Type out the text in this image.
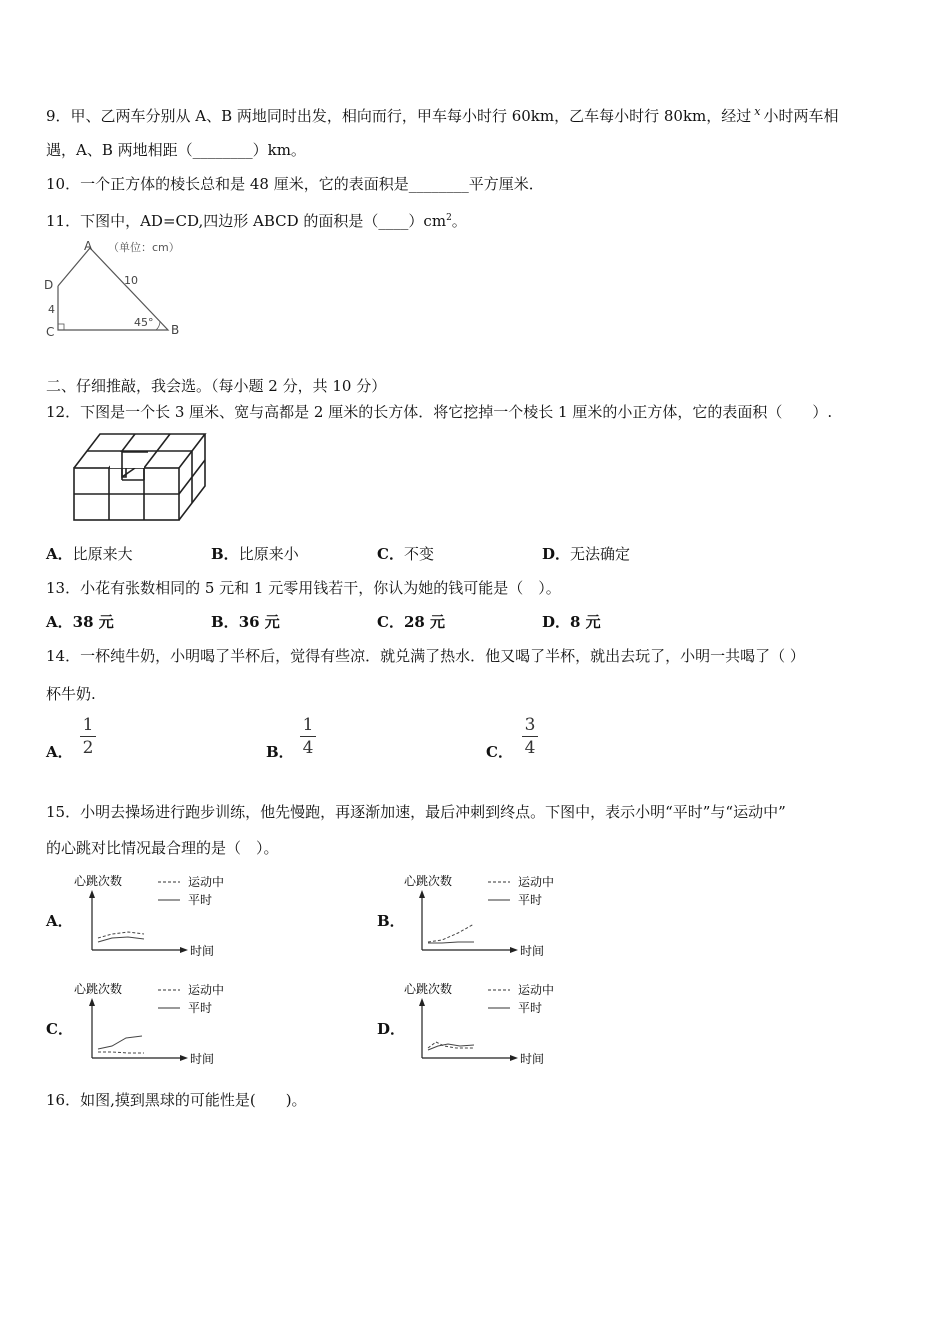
9．甲、乙两车分别从 A、B 两地同时出发，相向而行，甲车每小时行 60km，乙车每小时行 80km，经过 $^x$ 小时两车相
遇，A、B 两地相距（________）km。
10．一个正方体的棱长总和是 48 厘米，它的表面积是________平方厘米．
11．下图中，AD=CD,四边形 ABCD 的面积是$(\_\_\_\_)cm^2$。
A （单位：cm）
D
4
10
45°
C	B
二、仔细推敲，我会选。（每小题 2 分，共 10 分）
12．下图是一个长 3 厘米、宽与高都是 2 厘米的长方体．将它挖掉一个棱长 1 厘米的小正方体，它的表面积（　　）.
A．比原来大	B．比原来小	C．不变	D．无法确定
13．小花有张数相同的 5 元和 1 元零用钱若干，你认为她的钱可能是（　）。
A．38 元	B．36 元	C．28 元	D．8 元
14．一杯纯牛奶，小明喝了半杯后，觉得有些凉．就兑满了热水．他又喝了半杯，就出去玩了，小明一共喝了（ ）
杯牛奶.
A．
1
2	B．
1
4	C．
3
4
15．小明去操场进行跑步训练，他先慢跑，再逐渐加速，最后冲刺到终点。下图中，表示小明“平时”与“运动中”
的心跳对比情况最合理的是（　）。
A．	B．
C．	D．
心跳次数	运动中
平时
时间
心跳次数	运动中
平时
时间
心跳次数	运动中
平时
时间
心跳次数	运动中
平时
时间
16．如图,摸到黑球的可能性是(　　)。
